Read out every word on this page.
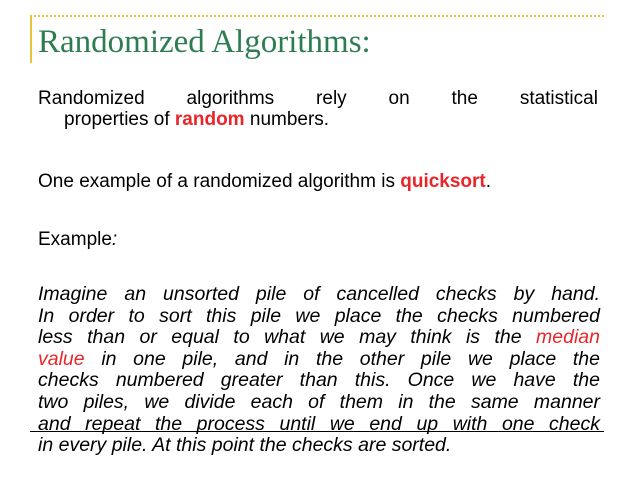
Randomized Algorithms:
Randomized algorithms rely on the statistical
properties of random numbers.

One example of a randomized algorithm is quicksort.

Example:

Imagine an unsorted pile of cancelled checks by hand.
In order to sort this pile we place the checks numbered
less than or equal to what we may think is the median
value in one pile, and in the other pile we place the
checks numbered greater than this. Once we have the
two piles, we divide each of them in the same manner
and repeat the process until we end up with one check
in every pile. At this point the checks are sorted.
